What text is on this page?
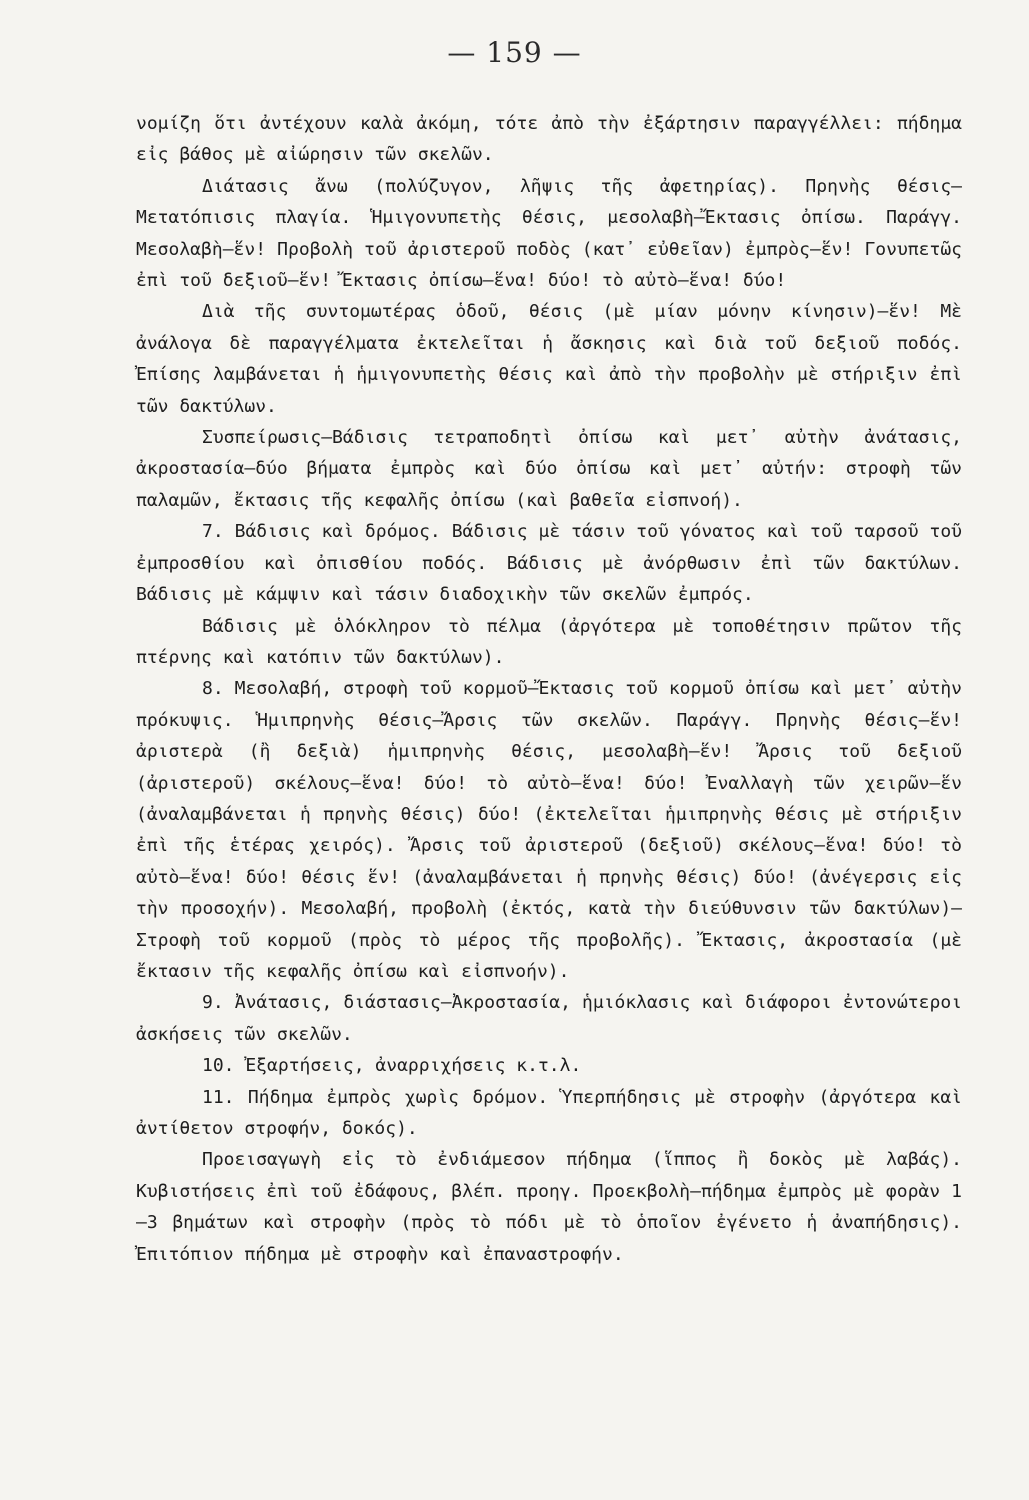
— 159 —

νομίζη ὅτι ἀντέχουν καλὰ ἀκόμη, τότε ἀπὸ τὴν ἐξάρτησιν παραγγέλλει: πήδημα εἰς βάθος μὲ αἰώρησιν τῶν σκελῶν.

Διάτασις ἄνω (πολύζυγον, λῆψις τῆς ἀφετηρίας). Πρηνὴς θέσις—Μετατόπισις πλαγία. Ἡμιγονυπετὴς θέσις, μεσολαβὴ—Ἔκτασις ὀπίσω. Παράγγ. Μεσολαβὴ—ἕν! Προβολὴ τοῦ ἀριστεροῦ ποδὸς (κατ᾽ εὐθεῖαν) ἐμπρὸς—ἕν! Γονυπετῶς ἐπὶ τοῦ δεξιοῦ—ἕν! Ἔκτασις ὀπίσω—ἕνα! δύο! τὸ αὐτὸ—ἕνα! δύο!

Διὰ τῆς συντομωτέρας ὁδοῦ, θέσις (μὲ μίαν μόνην κίνησιν)—ἕν! Μὲ ἀνάλογα δὲ παραγγέλματα ἐκτελεῖται ἡ ἄσκησις καὶ διὰ τοῦ δεξιοῦ ποδός. Ἐπίσης λαμβάνεται ἡ ἡμιγονυπετὴς θέσις καὶ ἀπὸ τὴν προβολὴν μὲ στήριξιν ἐπὶ τῶν δακτύλων.

Συσπείρωσις—Βάδισις τετραποδητὶ ὀπίσω καὶ μετ᾽ αὐτὴν ἀνάτασις, ἀκροστασία—δύο βήματα ἐμπρὸς καὶ δύο ὀπίσω καὶ μετ᾽ αὐτήν: στροφὴ τῶν παλαμῶν, ἔκτασις τῆς κεφαλῆς ὀπίσω (καὶ βαθεῖα εἰσπνοή).

7. Βάδισις καὶ δρόμος. Βάδισις μὲ τάσιν τοῦ γόνατος καὶ τοῦ ταρσοῦ τοῦ ἐμπροσθίου καὶ ὀπισθίου ποδός. Βάδισις μὲ ἀνόρθωσιν ἐπὶ τῶν δακτύλων. Βάδισις μὲ κάμψιν καὶ τάσιν διαδοχικὴν τῶν σκελῶν ἐμπρός.

Βάδισις μὲ ὁλόκληρον τὸ πέλμα (ἀργότερα μὲ τοποθέτησιν πρῶτον τῆς πτέρνης καὶ κατόπιν τῶν δακτύλων).

8. Μεσολαβή, στροφὴ τοῦ κορμοῦ—Ἔκτασις τοῦ κορμοῦ ὀπίσω καὶ μετ᾽ αὐτὴν πρόκυψις. Ἡμιπρηνὴς θέσις—Ἄρσις τῶν σκελῶν. Παράγγ. Πρηνὴς θέσις—ἕν! ἀριστερὰ (ἢ δεξιὰ) ἡμιπρηνὴς θέσις, μεσολαβὴ—ἕν! Ἄρσις τοῦ δεξιοῦ (ἀριστεροῦ) σκέλους—ἕνα! δύο! τὸ αὐτὸ—ἕνα! δύο! Ἐναλλαγὴ τῶν χειρῶν—ἕν (ἀναλαμβάνεται ἡ πρηνὴς θέσις) δύο! (ἐκτελεῖται ἡμιπρηνὴς θέσις μὲ στήριξιν ἐπὶ τῆς ἑτέρας χειρός). Ἄρσις τοῦ ἀριστεροῦ (δεξιοῦ) σκέλους—ἕνα! δύο! τὸ αὐτὸ—ἕνα! δύο! θέσις ἕν! (ἀναλαμβάνεται ἡ πρηνὴς θέσις) δύο! (ἀνέγερσις εἰς τὴν προσοχήν). Μεσολαβή, προβολὴ (ἐκτός, κατὰ τὴν διεύθυνσιν τῶν δακτύλων)—Στροφὴ τοῦ κορμοῦ (πρὸς τὸ μέρος τῆς προβολῆς). Ἔκτασις, ἀκροστασία (μὲ ἔκτασιν τῆς κεφαλῆς ὀπίσω καὶ εἰσπνοήν).

9. Ἀνάτασις, διάστασις—Ἀκροστασία, ἡμιόκλασις καὶ διάφοροι ἐντονώτεροι ἀσκήσεις τῶν σκελῶν.

10. Ἐξαρτήσεις, ἀναρριχήσεις κ.τ.λ.

11. Πήδημα ἐμπρὸς χωρὶς δρόμον. Ὑπερπήδησις μὲ στροφὴν (ἀργότερα καὶ ἀντίθετον στροφήν, δοκός).

Προεισαγωγὴ εἰς τὸ ἐνδιάμεσον πήδημα (ἵππος ἢ δοκὸς μὲ λαβάς). Κυβιστήσεις ἐπὶ τοῦ ἐδάφους, βλέπ. προηγ. Προεκβολὴ—πήδημα ἐμπρὸς μὲ φορὰν 1—3 βημάτων καὶ στροφὴν (πρὸς τὸ πόδι μὲ τὸ ὁποῖον ἐγένετο ἡ ἀναπήδησις). Ἐπιτόπιον πήδημα μὲ στροφὴν καὶ ἐπαναστροφήν.
